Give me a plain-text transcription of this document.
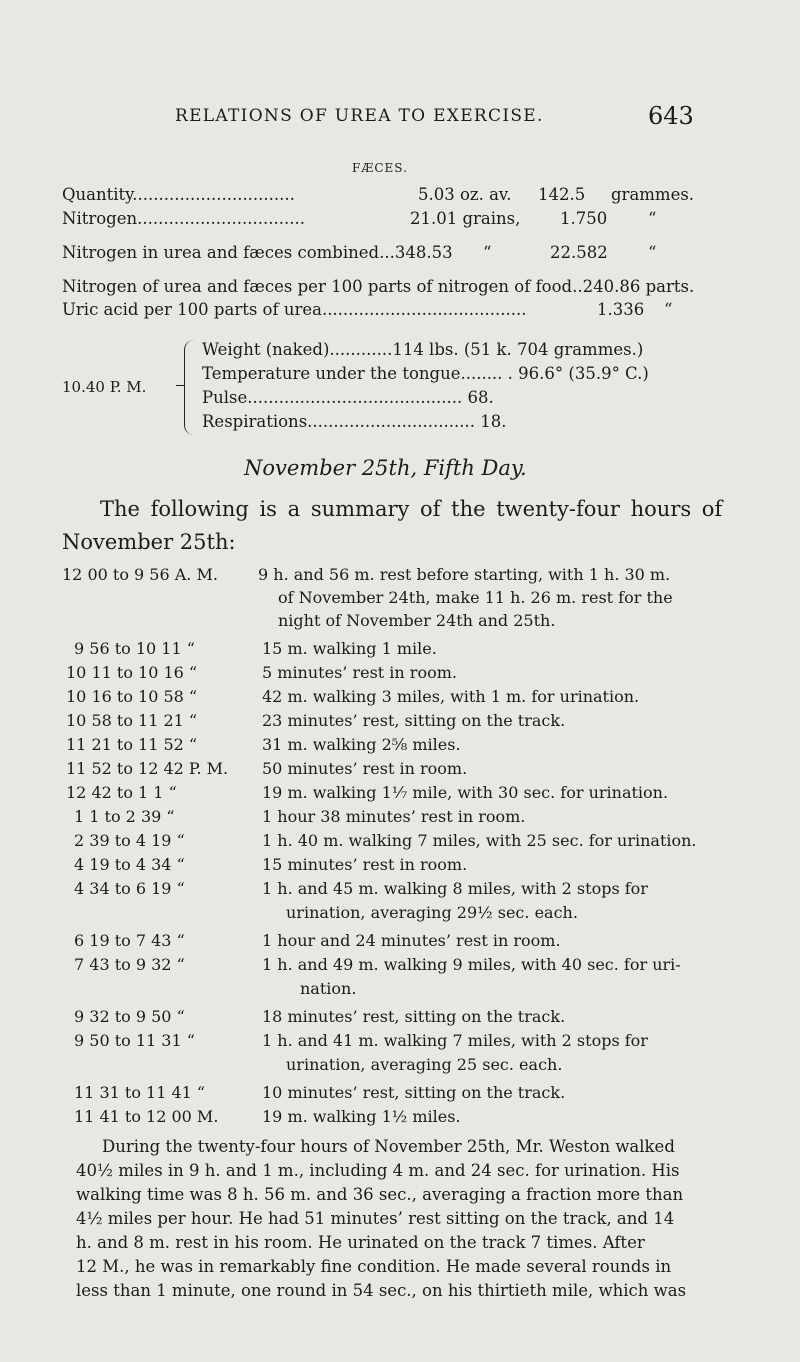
RELATIONS OF UREA TO EXERCISE.	643
FÆCES.
Quantity...............................	5.03 oz. av. 142.5 grammes.
Nitrogen................................	21.01 grains, 1.750 “
Nitrogen in urea and fæces combined...348.53 “	22.582 “
Nitrogen of urea and fæces per 100 parts of nitrogen of food..240.86 parts.
Uric acid per 100 parts of urea.......................................	1.336 “
10.40 P. M.
Weight (naked)............114 lbs. (51 k. 704 grammes.)
Temperature under the tongue........ . 96.6° (35.9° C.)
Pulse......................................... 68.
Respirations................................ 18.
November 25th, Fifth Day.
The following is a summary of the twenty-four hours of
November 25th:
12 00 to 9 56 A. M.	9 h. and 56 m. rest before starting, with 1 h. 30 m.
of November 24th, make 11 h. 26 m. rest for the
night of November 24th and 25th.
9 56 to 10 11 “	15 m. walking 1 mile.
10 11 to 10 16 “	5 minutes’ rest in room.
10 16 to 10 58 “	42 m. walking 3 miles, with 1 m. for urination.
10 58 to 11 21 “	23 minutes’ rest, sitting on the track.
11 21 to 11 52 “	31 m. walking 2⅝ miles.
11 52 to 12 42 P. M. 50 minutes’ rest in room.
12 42 to 1 1 “	19 m. walking 1⅐ mile, with 30 sec. for urination.
1 1 to 2 39 “	1 hour 38 minutes’ rest in room.
2 39 to 4 19 “	1 h. 40 m. walking 7 miles, with 25 sec. for urination.
4 19 to 4 34 “	15 minutes’ rest in room.
4 34 to 6 19 “	1 h. and 45 m. walking 8 miles, with 2 stops for
urination, averaging 29½ sec. each.
6 19 to 7 43 “	1 hour and 24 minutes’ rest in room.
7 43 to 9 32 “	1 h. and 49 m. walking 9 miles, with 40 sec. for uri-
nation.
9 32 to 9 50 “	18 minutes’ rest, sitting on the track.
9 50 to 11 31 “	1 h. and 41 m. walking 7 miles, with 2 stops for
urination, averaging 25 sec. each.
11 31 to 11 41 “	10 minutes’ rest, sitting on the track.
11 41 to 12 00 M.	19 m. walking 1½ miles.
During the twenty-four hours of November 25th, Mr. Weston walked
40½ miles in 9 h. and 1 m., including 4 m. and 24 sec. for urination. His
walking time was 8 h. 56 m. and 36 sec., averaging a fraction more than
4½ miles per hour. He had 51 minutes’ rest sitting on the track, and 14
h. and 8 m. rest in his room. He urinated on the track 7 times. After
12 M., he was in remarkably fine condition. He made several rounds in
less than 1 minute, one round in 54 sec., on his thirtieth mile, which was
